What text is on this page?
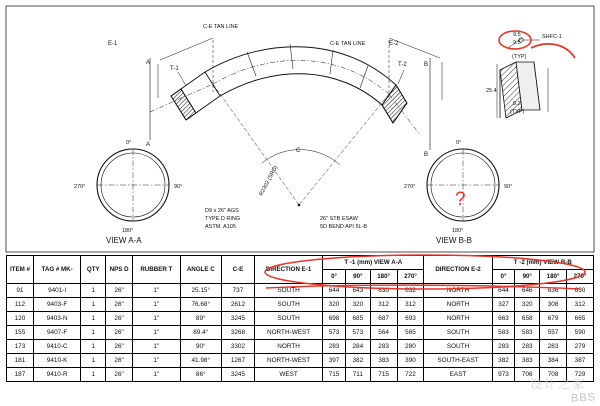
E-1	E-2
C-E TAN LINE
C-E TAN LINE
T-1
T-2
A
A
B
B
C
R2302 (SRD)
D9 x 26" AGS
TYPE D RING
ASTM. A105
26" STB ESAW
5D BEND API 5L-B
VIEW A-A	VIEW B-B
0°
90°
180°
270°
0°
90°
180°
270°
SHFC-1
9.5
9.5
(TYP)
25.4
9.2
(TYP)
?
ITEM #	TAG # MK-	QTY	NPS D	RUBBER T	ANGLE C	C-E	DIRECTION E-1	T -1 (mm) VIEW A-A				DIRECTION E-2	T -2 (mm) VIEW B-B			
								0°	90°	180°	270°		0°	90°	180°	270°
91	9401-I	1	26"	1"	25.15°	737	SOUTH	644	643	630	632	NORTH	644	646	636	630
112	9403-F	1	26"	1"	76.68°	2612	SOUTH	320	320	312	312	NORTH	327	320	308	312
120	9403-N	1	26"	1"	89°	3245	SOUTH	698	685	687	693	NORTH	663	658	679	665
155	9407-F	1	26"	1"	89.4°	3268	NORTH-WEST	573	573	564	565	SOUTH	583	583	557	590
173	9410-C	1	26"	1"	90°	3302	NORTH	283	284	283	280	SOUTH	283	283	283	279
181	9410-K	1	26"	1"	41.98°	1267	NORTH-WEST	397	382	383	390	SOUTH-EAST	382	383	384	387
187	9410-R	1	26"	1"	86°	3245	WEST	715	711	715	722	EAST	973	706	708	729
设计之家
BBS
